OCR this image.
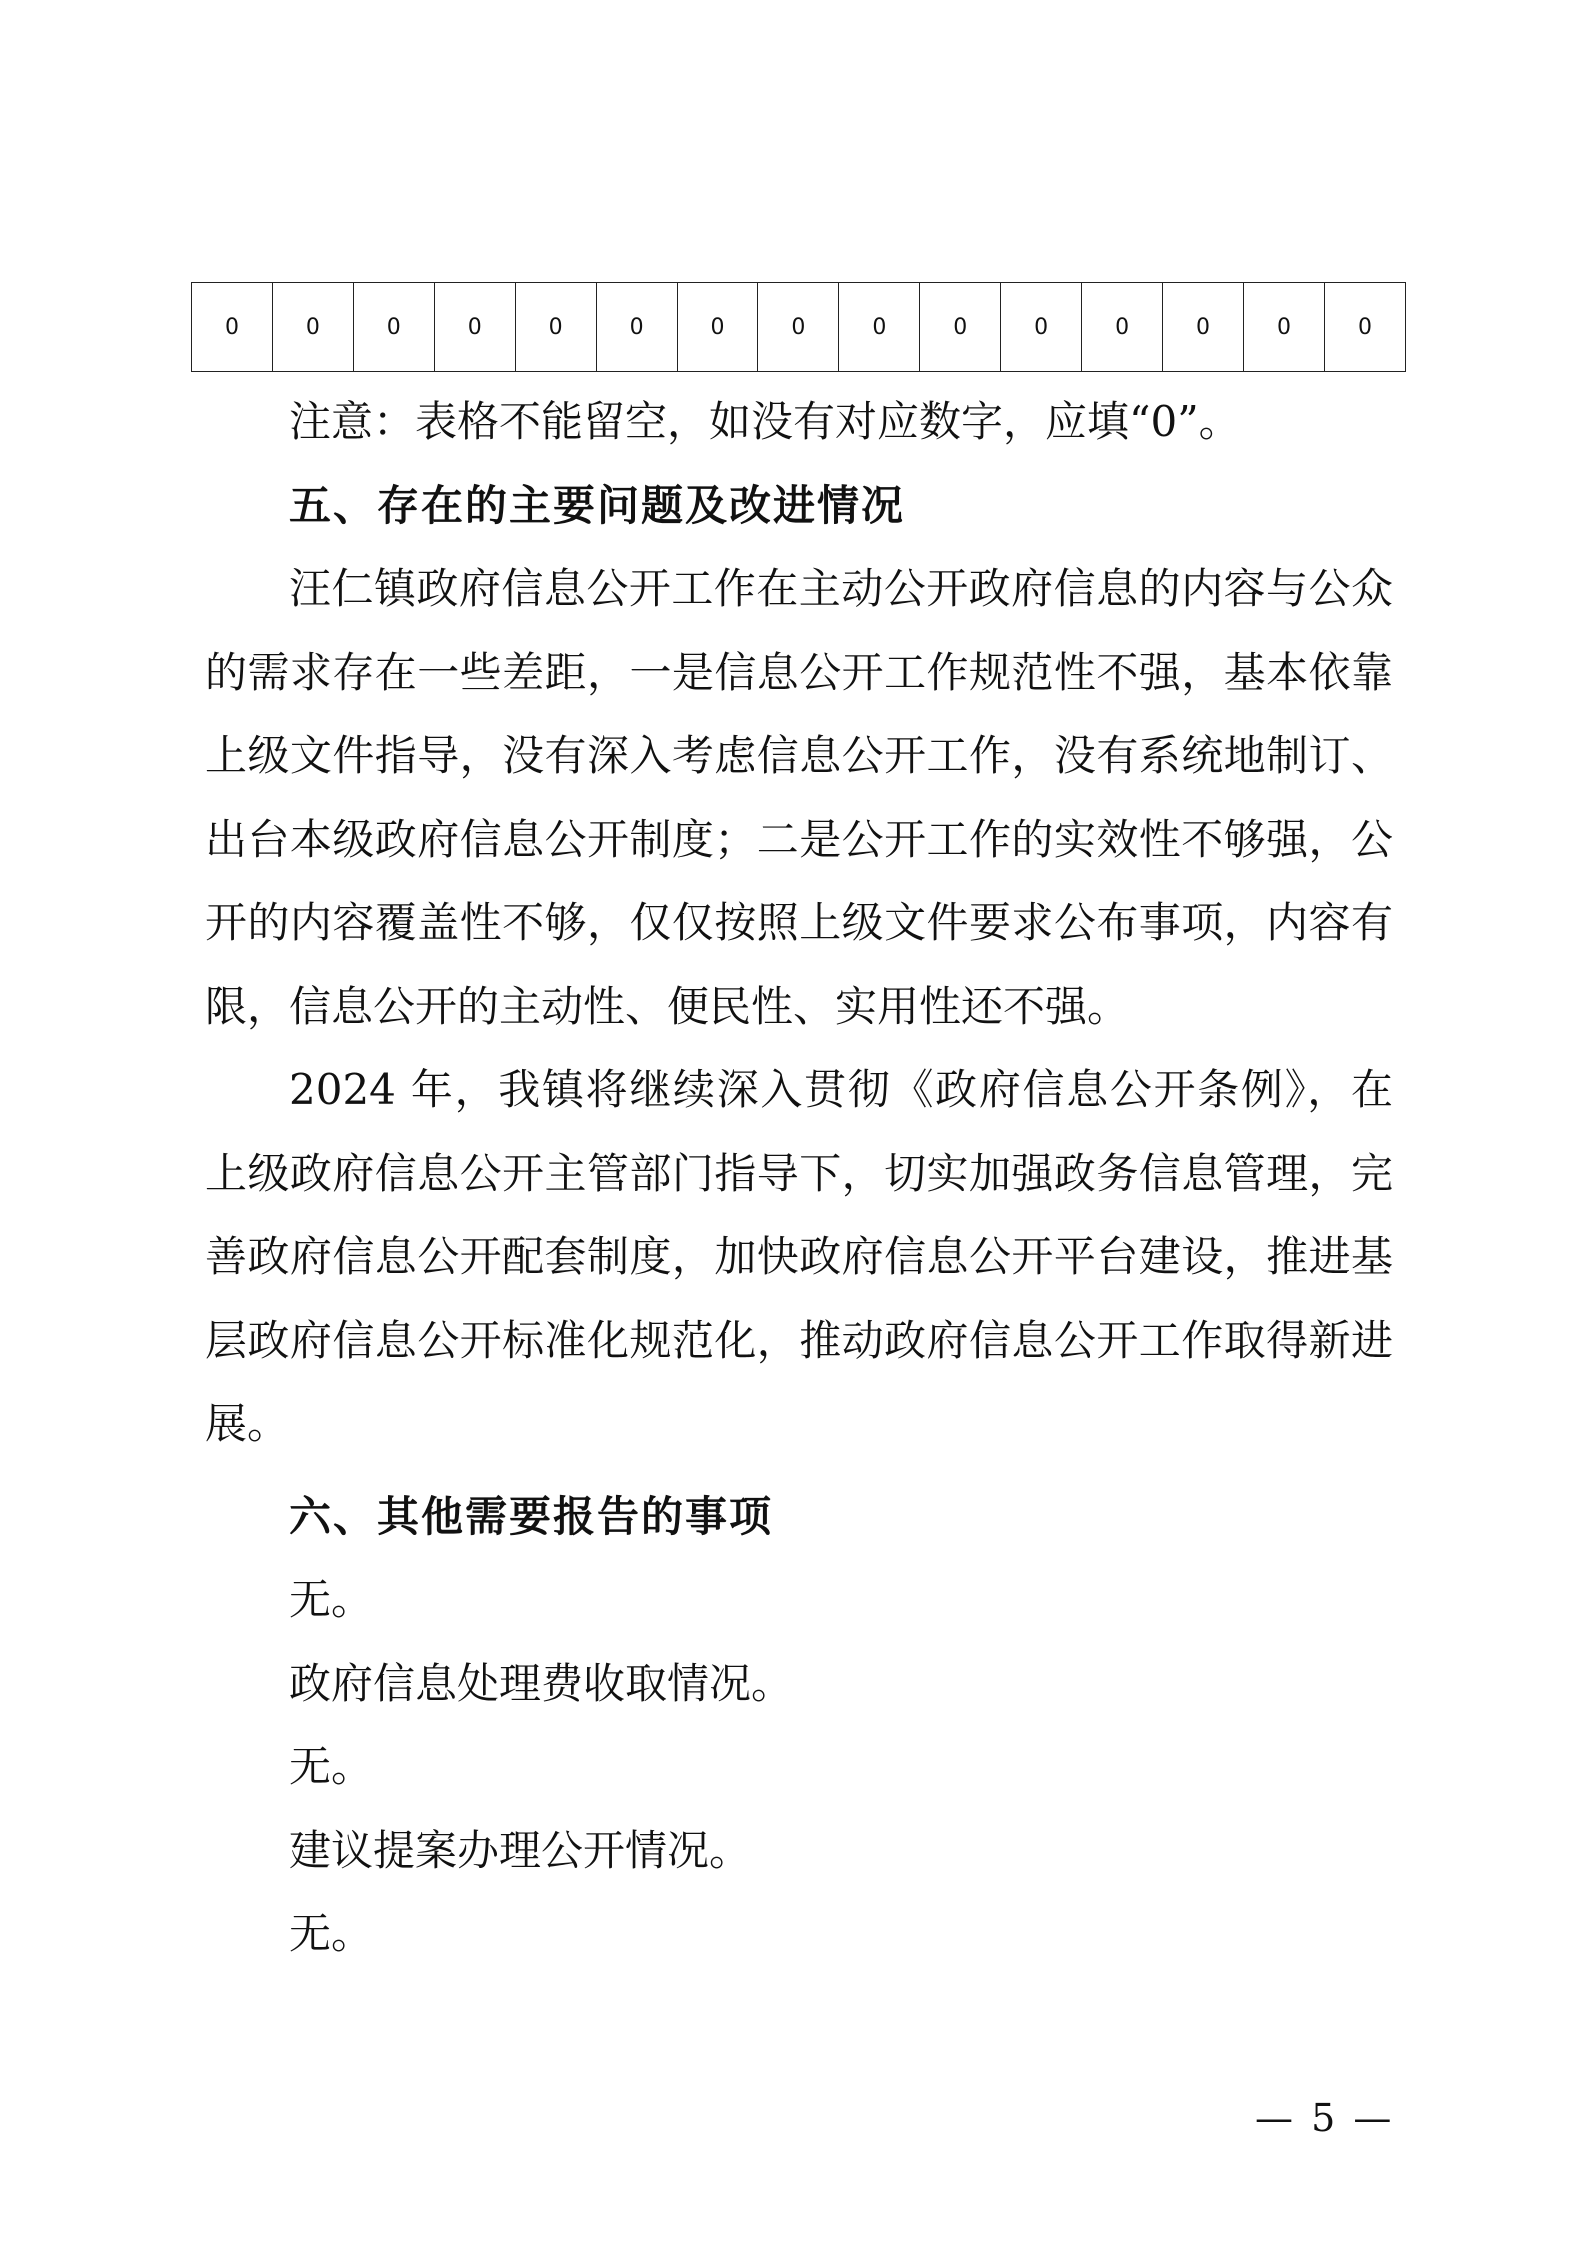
0	0	0	0	0	0	0	0	0	0	0	0	0	0	0

注意：表格不能留空，如没有对应数字，应填“0”。

五、存在的主要问题及改进情况

汪仁镇政府信息公开工作在主动公开政府信息的内容与公众的需求存在一些差距，一是信息公开工作规范性不强，基本依靠上级文件指导，没有深入考虑信息公开工作，没有系统地制订、出台本级政府信息公开制度；二是公开工作的实效性不够强，公开的内容覆盖性不够，仅仅按照上级文件要求公布事项，内容有限，信息公开的主动性、便民性、实用性还不强。

2024 年，我镇将继续深入贯彻《政府信息公开条例》，在上级政府信息公开主管部门指导下，切实加强政务信息管理，完善政府信息公开配套制度，加快政府信息公开平台建设，推进基层政府信息公开标准化规范化，推动政府信息公开工作取得新进展。

六、其他需要报告的事项

无。

政府信息处理费收取情况。

无。

建议提案办理公开情况。

无。

— 5 —
